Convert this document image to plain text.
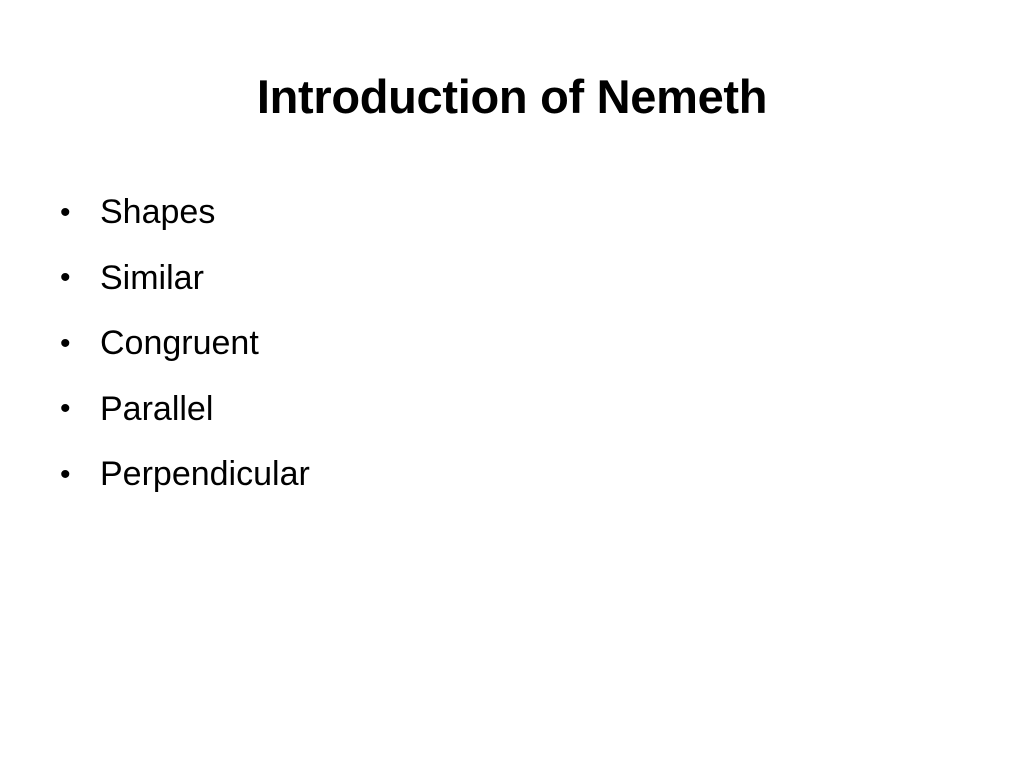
Introduction of Nemeth
• Shapes
• Similar
• Congruent
• Parallel
• Perpendicular
